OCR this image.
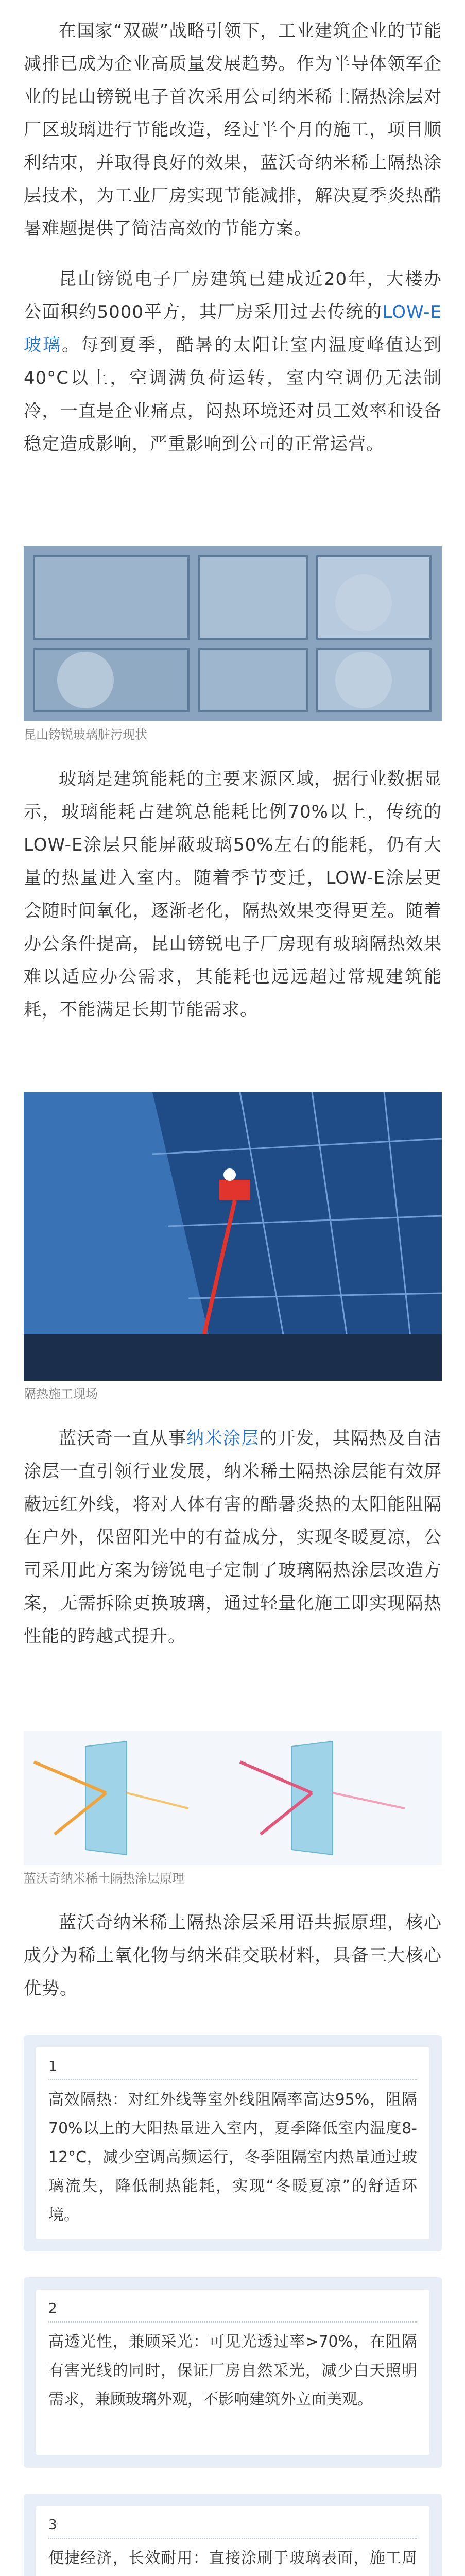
在国家“双碳”战略引领下，工业建筑企业的节能减排已成为企业高质量发展趋势。作为半导体领军企业的昆山镑锐电子首次采用公司纳米稀土隔热涂层对厂区玻璃进行节能改造，经过半个月的施工，项目顺利结束，并取得良好的效果，蓝沃奇纳米稀土隔热涂层技术，为工业厂房实现节能减排，解决夏季炎热酷暑难题提供了简洁高效的节能方案。

昆山镑锐电子厂房建筑已建成近20年，大楼办公面积约5000平方，其厂房采用过去传统的LOW-E玻璃。每到夏季，酷暑的太阳让室内温度峰值达到40°C以上，空调满负荷运转，室内空调仍无法制冷，一直是企业痛点，闷热环境还对员工效率和设备稳定造成影响，严重影响到公司的正常运营。

昆山镑锐玻璃脏污现状

玻璃是建筑能耗的主要来源区域，据行业数据显示，玻璃能耗占建筑总能耗比例70%以上，传统的LOW-E涂层只能屏蔽玻璃50%左右的能耗，仍有大量的热量进入室内。随着季节变迁，LOW-E涂层更会随时间氧化，逐渐老化，隔热效果变得更差。随着办公条件提高，昆山镑锐电子厂房现有玻璃隔热效果难以适应办公需求，其能耗也远远超过常规建筑能耗，不能满足长期节能需求。

隔热施工现场

蓝沃奇一直从事纳米涂层的开发，其隔热及自洁涂层一直引领行业发展，纳米稀土隔热涂层能有效屏蔽远红外线，将对人体有害的酷暑炎热的太阳能阻隔在户外，保留阳光中的有益成分，实现冬暖夏凉，公司采用此方案为镑锐电子定制了玻璃隔热涂层改造方案，无需拆除更换玻璃，通过轻量化施工即实现隔热性能的跨越式提升。

蓝沃奇纳米稀土隔热涂层原理

蓝沃奇纳米稀土隔热涂层采用语共振原理，核心成分为稀土氧化物与纳米硅交联材料，具备三大核心优势。

1

高效隔热：对红外线等室外线阻隔率高达95%，阻隔70%以上的大阳热量进入室内，夏季降低室内温度8-12°C，减少空调高频运行，冬季阻隔室内热量通过玻璃流失，降低制热能耗，实现“冬暖夏凉”的舒适环境。

2

高透光性，兼顾采光：可见光透过率>70%，在阻隔有害光线的同时，保证厂房自然采光，减少白天照明需求，兼顾玻璃外观，不影响建筑外立面美观。

3

便捷经济，长效耐用：直接涂刷于玻璃表面，施工周
